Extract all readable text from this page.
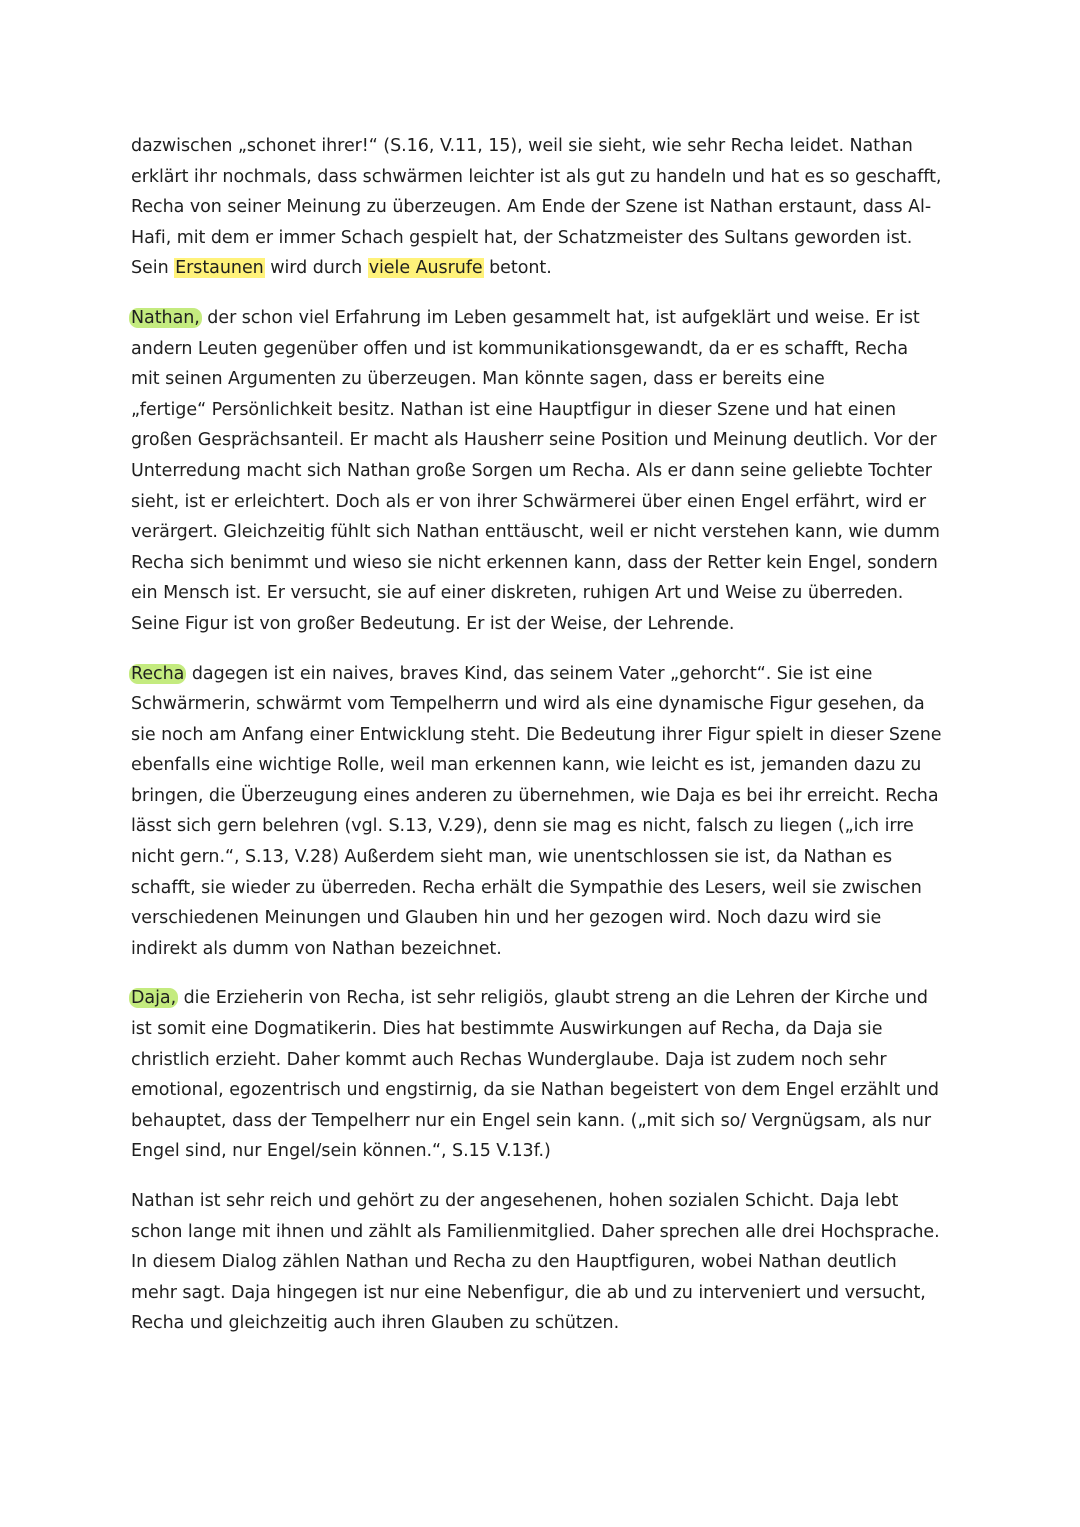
dazwischen „schonet ihrer!“ (S.16, V.11, 15), weil sie sieht, wie sehr Recha leidet. Nathan
erklärt ihr nochmals, dass schwärmen leichter ist als gut zu handeln und hat es so geschafft,
Recha von seiner Meinung zu überzeugen. Am Ende der Szene ist Nathan erstaunt, dass Al-
Hafi, mit dem er immer Schach gespielt hat, der Schatzmeister des Sultans geworden ist.
Sein Erstaunen wird durch viele Ausrufe betont.

Nathan, der schon viel Erfahrung im Leben gesammelt hat, ist aufgeklärt und weise. Er ist
andern Leuten gegenüber offen und ist kommunikationsgewandt, da er es schafft, Recha
mit seinen Argumenten zu überzeugen. Man könnte sagen, dass er bereits eine
„fertige“ Persönlichkeit besitz. Nathan ist eine Hauptfigur in dieser Szene und hat einen
großen Gesprächsanteil. Er macht als Hausherr seine Position und Meinung deutlich. Vor der
Unterredung macht sich Nathan große Sorgen um Recha. Als er dann seine geliebte Tochter
sieht, ist er erleichtert. Doch als er von ihrer Schwärmerei über einen Engel erfährt, wird er
verärgert. Gleichzeitig fühlt sich Nathan enttäuscht, weil er nicht verstehen kann, wie dumm
Recha sich benimmt und wieso sie nicht erkennen kann, dass der Retter kein Engel, sondern
ein Mensch ist. Er versucht, sie auf einer diskreten, ruhigen Art und Weise zu überreden.
Seine Figur ist von großer Bedeutung. Er ist der Weise, der Lehrende.

Recha dagegen ist ein naives, braves Kind, das seinem Vater „gehorcht“. Sie ist eine
Schwärmerin, schwärmt vom Tempelherrn und wird als eine dynamische Figur gesehen, da
sie noch am Anfang einer Entwicklung steht. Die Bedeutung ihrer Figur spielt in dieser Szene
ebenfalls eine wichtige Rolle, weil man erkennen kann, wie leicht es ist, jemanden dazu zu
bringen, die Überzeugung eines anderen zu übernehmen, wie Daja es bei ihr erreicht. Recha
lässt sich gern belehren (vgl. S.13, V.29), denn sie mag es nicht, falsch zu liegen („ich irre
nicht gern.“, S.13, V.28) Außerdem sieht man, wie unentschlossen sie ist, da Nathan es
schafft, sie wieder zu überreden. Recha erhält die Sympathie des Lesers, weil sie zwischen
verschiedenen Meinungen und Glauben hin und her gezogen wird. Noch dazu wird sie
indirekt als dumm von Nathan bezeichnet.

Daja, die Erzieherin von Recha, ist sehr religiös, glaubt streng an die Lehren der Kirche und
ist somit eine Dogmatikerin. Dies hat bestimmte Auswirkungen auf Recha, da Daja sie
christlich erzieht. Daher kommt auch Rechas Wunderglaube. Daja ist zudem noch sehr
emotional, egozentrisch und engstirnig, da sie Nathan begeistert von dem Engel erzählt und
behauptet, dass der Tempelherr nur ein Engel sein kann. („mit sich so/ Vergnügsam, als nur
Engel sind, nur Engel/sein können.“, S.15 V.13f.)

Nathan ist sehr reich und gehört zu der angesehenen, hohen sozialen Schicht. Daja lebt
schon lange mit ihnen und zählt als Familienmitglied. Daher sprechen alle drei Hochsprache.
In diesem Dialog zählen Nathan und Recha zu den Hauptfiguren, wobei Nathan deutlich
mehr sagt. Daja hingegen ist nur eine Nebenfigur, die ab und zu interveniert und versucht,
Recha und gleichzeitig auch ihren Glauben zu schützen.
